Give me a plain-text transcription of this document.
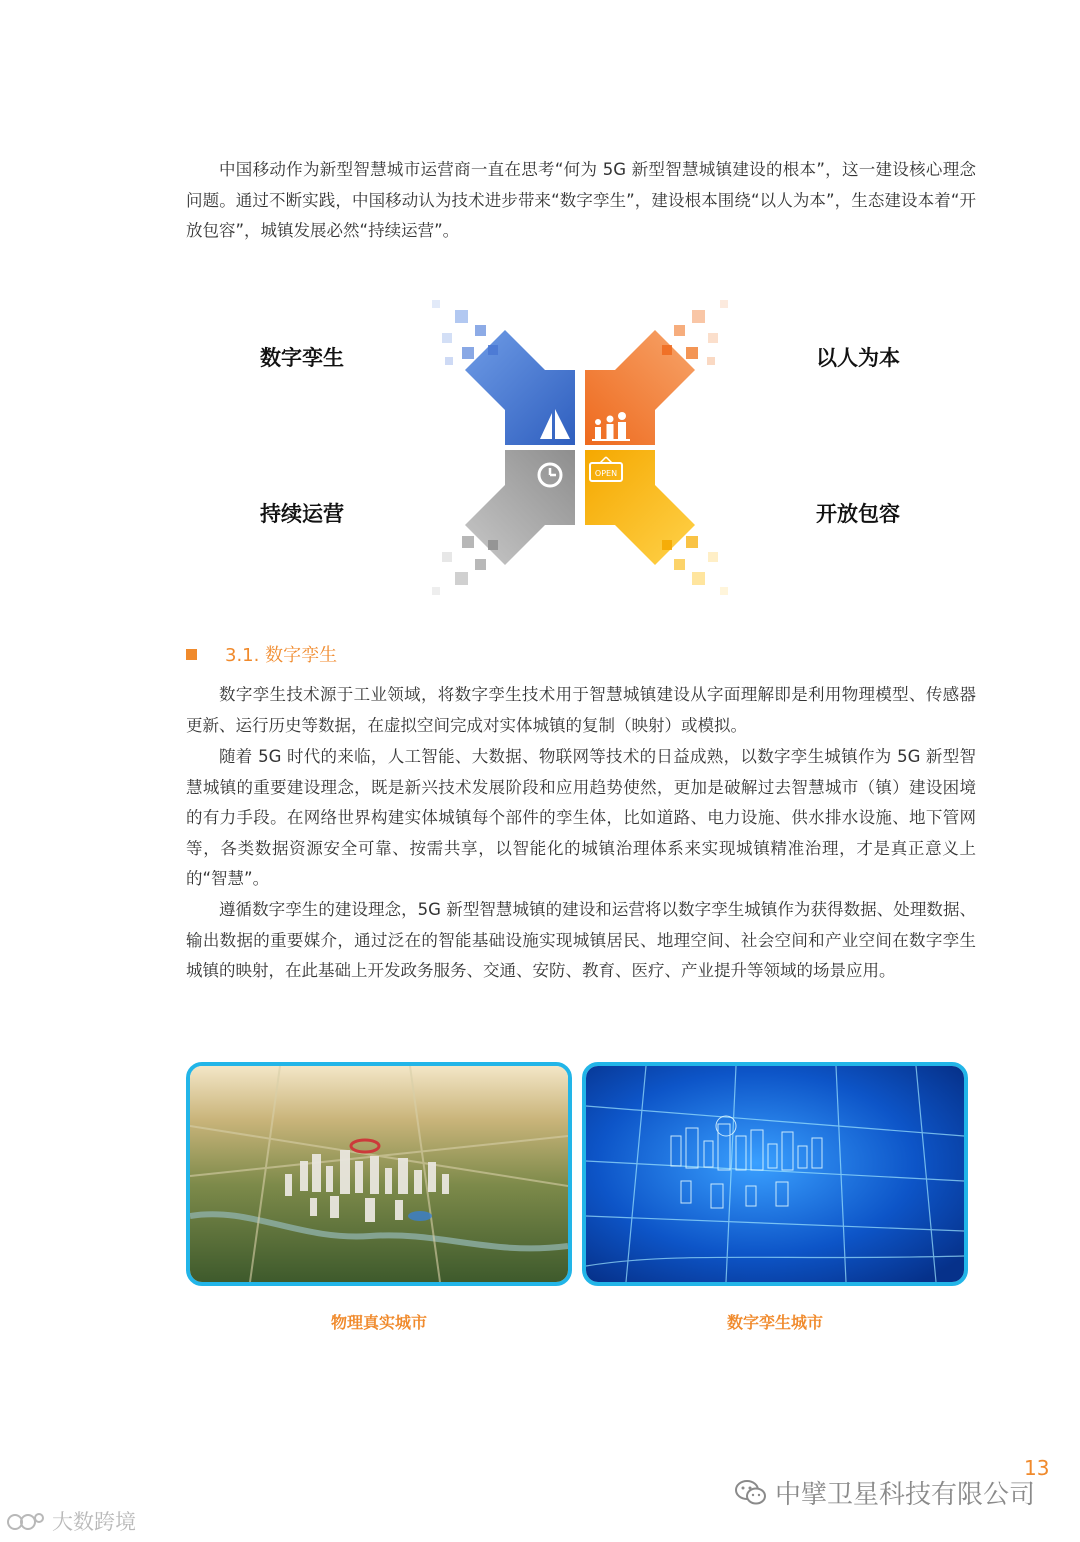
中国移动作为新型智慧城市运营商一直在思考“何为 5G 新型智慧城镇建设的根本”，这一建设核心理念问题。通过不断实践，中国移动认为技术进步带来“数字孪生”，建设根本围绕“以人为本”，生态建设本着“开放包容”，城镇发展必然“持续运营”。

数字孪生	以人为本
持续运营	开放包容
OPEN
3.1. 数字孪生

数字孪生技术源于工业领域，将数字孪生技术用于智慧城镇建设从字面理解即是利用物理模型、传感器更新、运行历史等数据，在虚拟空间完成对实体城镇的复制（映射）或模拟。

随着 5G 时代的来临，人工智能、大数据、物联网等技术的日益成熟，以数字孪生城镇作为 5G 新型智慧城镇的重要建设理念，既是新兴技术发展阶段和应用趋势使然，更加是破解过去智慧城市（镇）建设困境的有力手段。在网络世界构建实体城镇每个部件的孪生体，比如道路、电力设施、供水排水设施、地下管网等，各类数据资源安全可靠、按需共享，以智能化的城镇治理体系来实现城镇精准治理，才是真正意义上的“智慧”。

遵循数字孪生的建设理念，5G 新型智慧城镇的建设和运营将以数字孪生城镇作为获得数据、处理数据、输出数据的重要媒介，通过泛在的智能基础设施实现城镇居民、地理空间、社会空间和产业空间在数字孪生城镇的映射，在此基础上开发政务服务、交通、安防、教育、医疗、产业提升等领域的场景应用。

物理真实城市	数字孪生城市
13
中擘卫星科技有限公司
大数跨境
